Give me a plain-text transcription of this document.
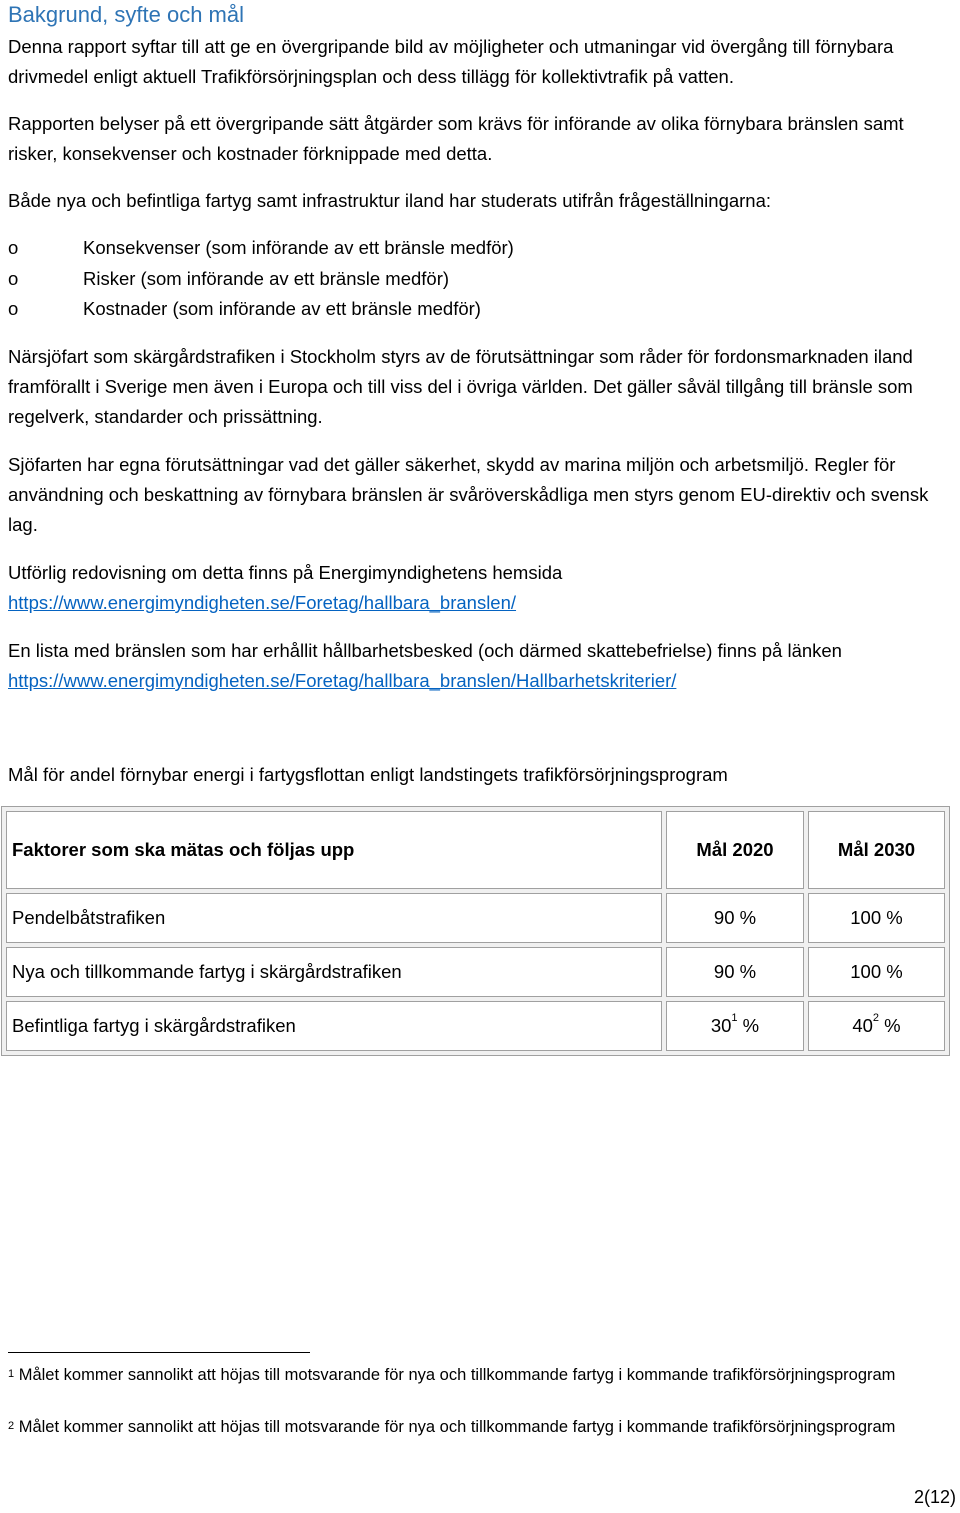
Bakgrund, syfte och mål

Denna rapport syftar till att ge en övergripande bild av möjligheter och utmaningar vid övergång till förnybara drivmedel enligt aktuell Trafikförsörjningsplan och dess tillägg för kollektivtrafik på vatten.

Rapporten belyser på ett övergripande sätt åtgärder som krävs för införande av olika förnybara bränslen samt risker, konsekvenser och kostnader förknippade med detta.

Både nya och befintliga fartyg samt infrastruktur iland har studerats utifrån frågeställningarna:

o	Konsekvenser (som införande av ett bränsle medför)
o	Risker (som införande av ett bränsle medför)
o	Kostnader (som införande av ett bränsle medför)

Närsjöfart som skärgårdstrafiken i Stockholm styrs av de förutsättningar som råder för fordonsmarknaden iland framförallt i Sverige men även i Europa och till viss del i övriga världen. Det gäller såväl tillgång till bränsle som regelverk, standarder och prissättning.

Sjöfarten har egna förutsättningar vad det gäller säkerhet, skydd av marina miljön och arbetsmiljö. Regler för användning och beskattning av förnybara bränslen är svåröverskådliga men styrs genom EU-direktiv och svensk lag.

Utförlig redovisning om detta finns på Energimyndighetens hemsida
https://www.energimyndigheten.se/Foretag/hallbara_branslen/

En lista med bränslen som har erhållit hållbarhetsbesked (och därmed skattebefrielse) finns på länken https://www.energimyndigheten.se/Foretag/hallbara_branslen/Hallbarhetskriterier/

Mål för andel förnybar energi i fartygsflottan enligt landstingets trafikförsörjningsprogram
Faktorer som ska mätas och följas upp	Mål 2020	Mål 2030
Pendelbåtstrafiken	90 %	100 %
Nya och tillkommande fartyg i skärgårdstrafiken	90 %	100 %
Befintliga fartyg i skärgårdstrafiken	$30^1$ %	$40^2$ %
$^1$ Målet kommer sannolikt att höjas till motsvarande för nya och tillkommande fartyg i kommande trafikförsörjningsprogram
$^2$ Målet kommer sannolikt att höjas till motsvarande för nya och tillkommande fartyg i kommande trafikförsörjningsprogram
2(12)
